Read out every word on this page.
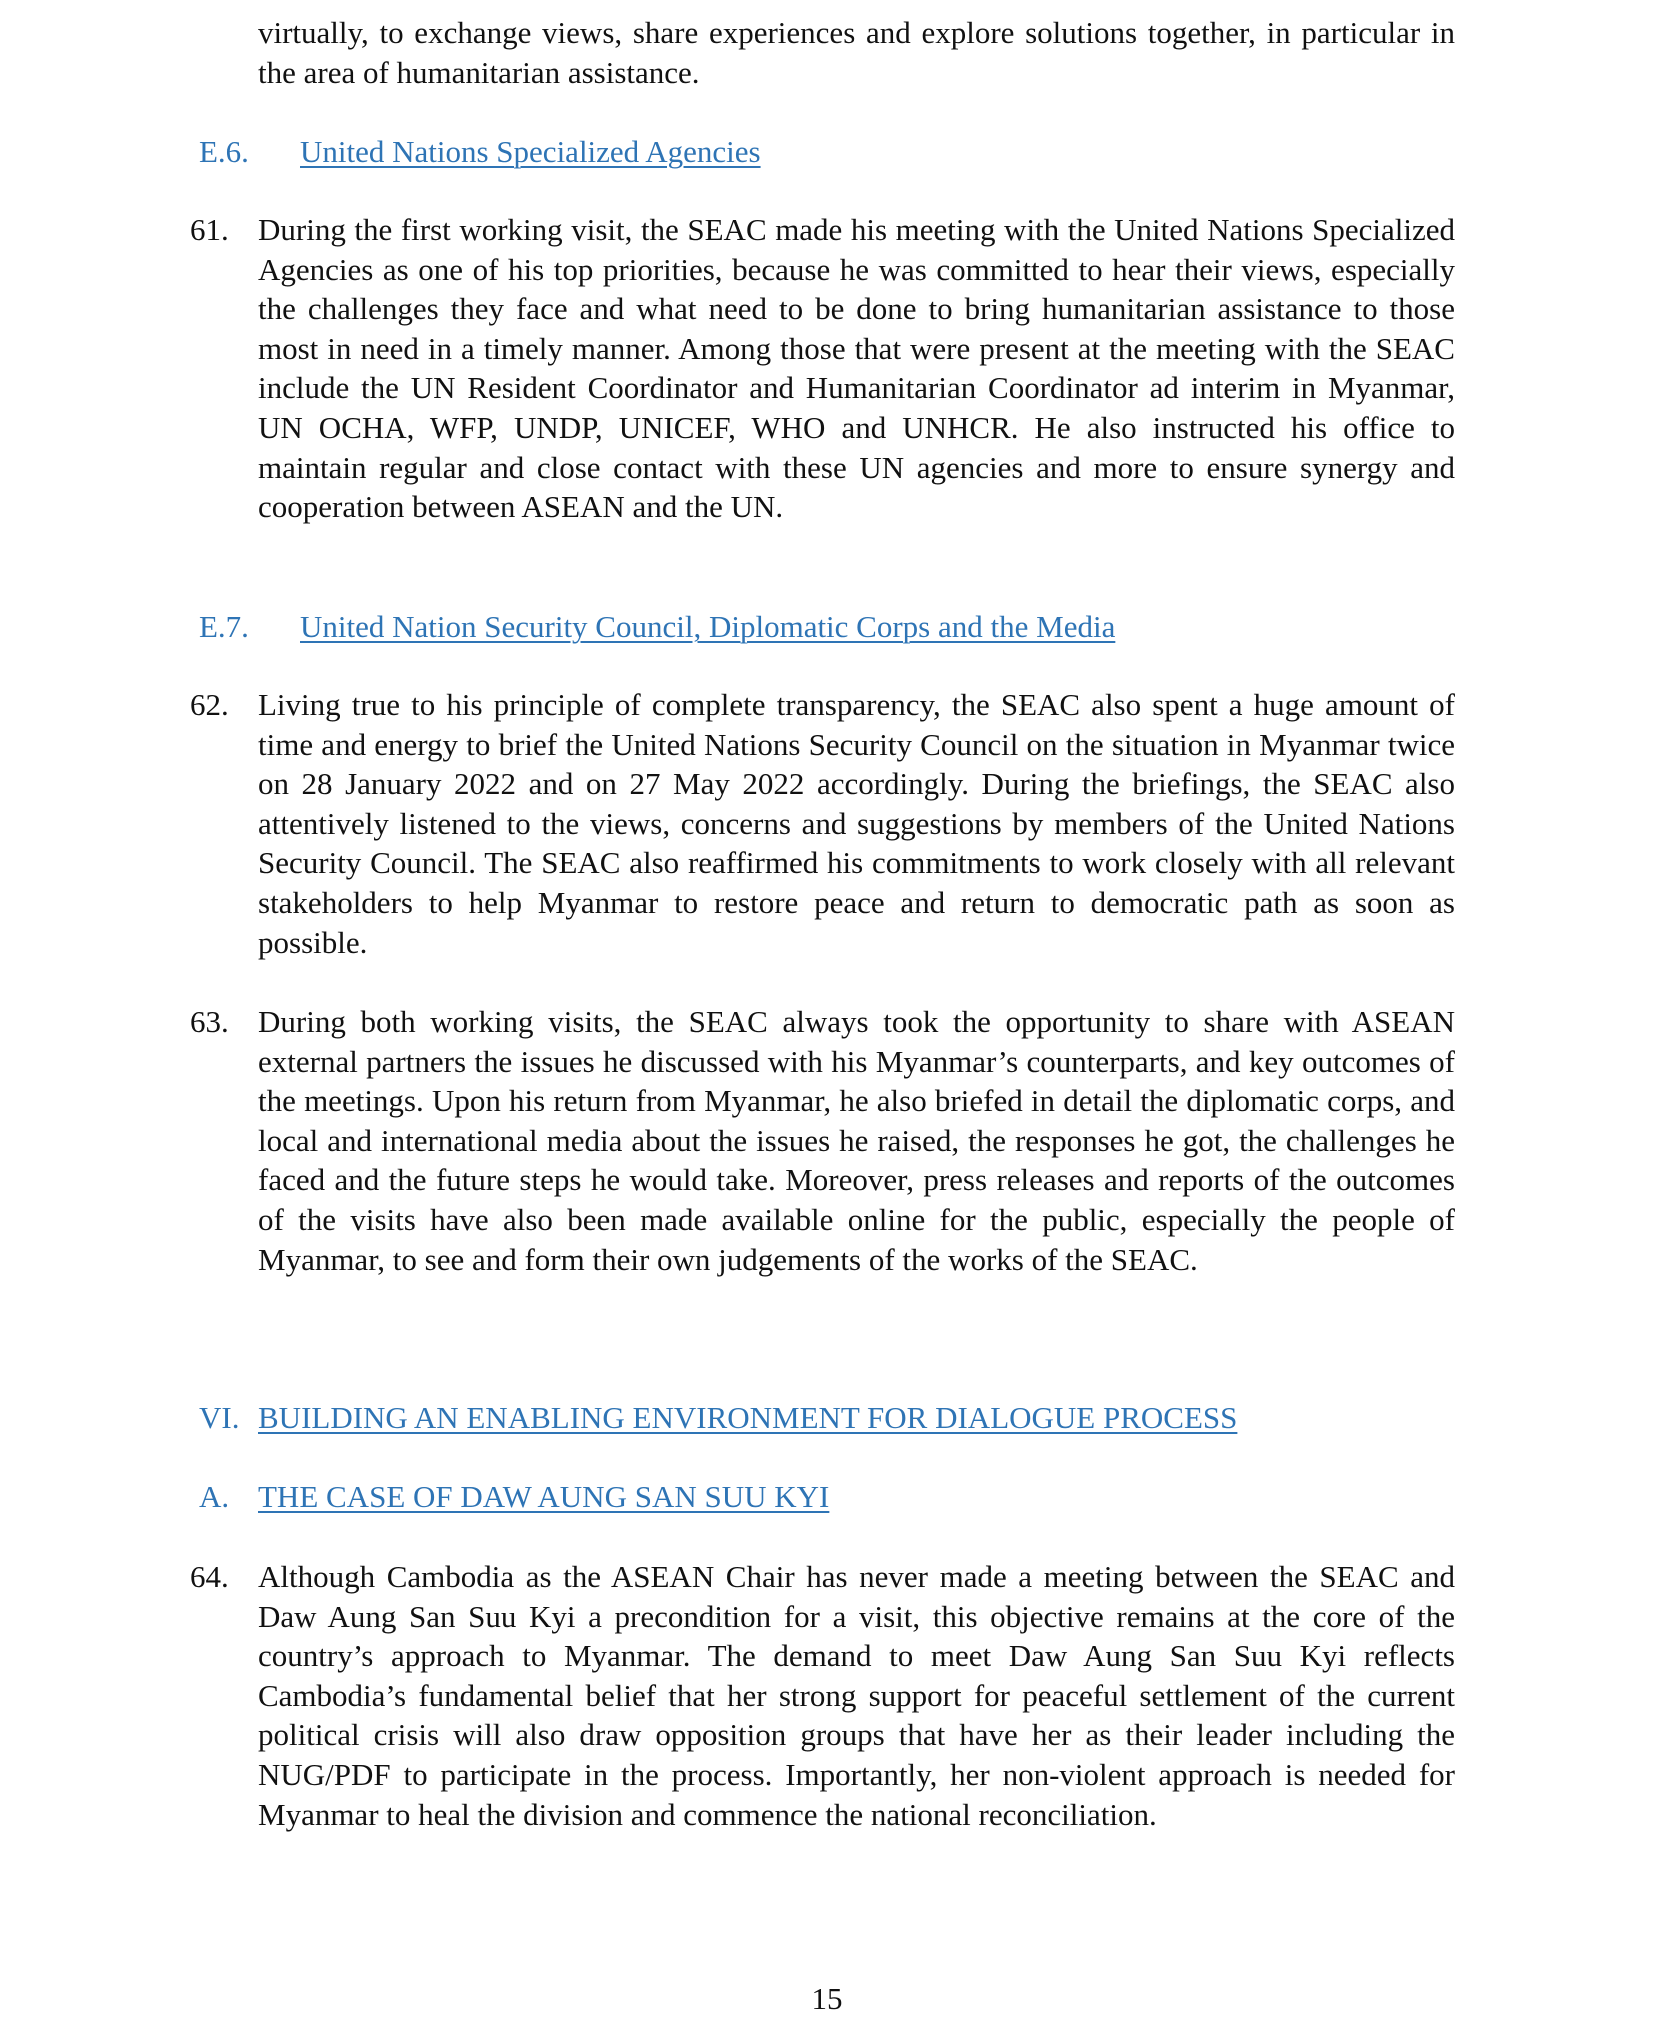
virtually, to exchange views, share experiences and explore solutions together, in particular in the area of humanitarian assistance.
E.6. United Nations Specialized Agencies
61. During the first working visit, the SEAC made his meeting with the United Nations Specialized Agencies as one of his top priorities, because he was committed to hear their views, especially the challenges they face and what need to be done to bring humanitarian assistance to those most in need in a timely manner. Among those that were present at the meeting with the SEAC include the UN Resident Coordinator and Humanitarian Coordinator ad interim in Myanmar, UN OCHA, WFP, UNDP, UNICEF, WHO and UNHCR. He also instructed his office to maintain regular and close contact with these UN agencies and more to ensure synergy and cooperation between ASEAN and the UN.
E.7. United Nation Security Council, Diplomatic Corps and the Media
62. Living true to his principle of complete transparency, the SEAC also spent a huge amount of time and energy to brief the United Nations Security Council on the situation in Myanmar twice on 28 January 2022 and on 27 May 2022 accordingly. During the briefings, the SEAC also attentively listened to the views, concerns and suggestions by members of the United Nations Security Council. The SEAC also reaffirmed his commitments to work closely with all relevant stakeholders to help Myanmar to restore peace and return to democratic path as soon as possible.
63. During both working visits, the SEAC always took the opportunity to share with ASEAN external partners the issues he discussed with his Myanmar’s counterparts, and key outcomes of the meetings. Upon his return from Myanmar, he also briefed in detail the diplomatic corps, and local and international media about the issues he raised, the responses he got, the challenges he faced and the future steps he would take. Moreover, press releases and reports of the outcomes of the visits have also been made available online for the public, especially the people of Myanmar, to see and form their own judgements of the works of the SEAC.
VI. BUILDING AN ENABLING ENVIRONMENT FOR DIALOGUE PROCESS
A. THE CASE OF DAW AUNG SAN SUU KYI
64. Although Cambodia as the ASEAN Chair has never made a meeting between the SEAC and Daw Aung San Suu Kyi a precondition for a visit, this objective remains at the core of the country’s approach to Myanmar. The demand to meet Daw Aung San Suu Kyi reflects Cambodia’s fundamental belief that her strong support for peaceful settlement of the current political crisis will also draw opposition groups that have her as their leader including the NUG/PDF to participate in the process. Importantly, her non-violent approach is needed for Myanmar to heal the division and commence the national reconciliation.
15
